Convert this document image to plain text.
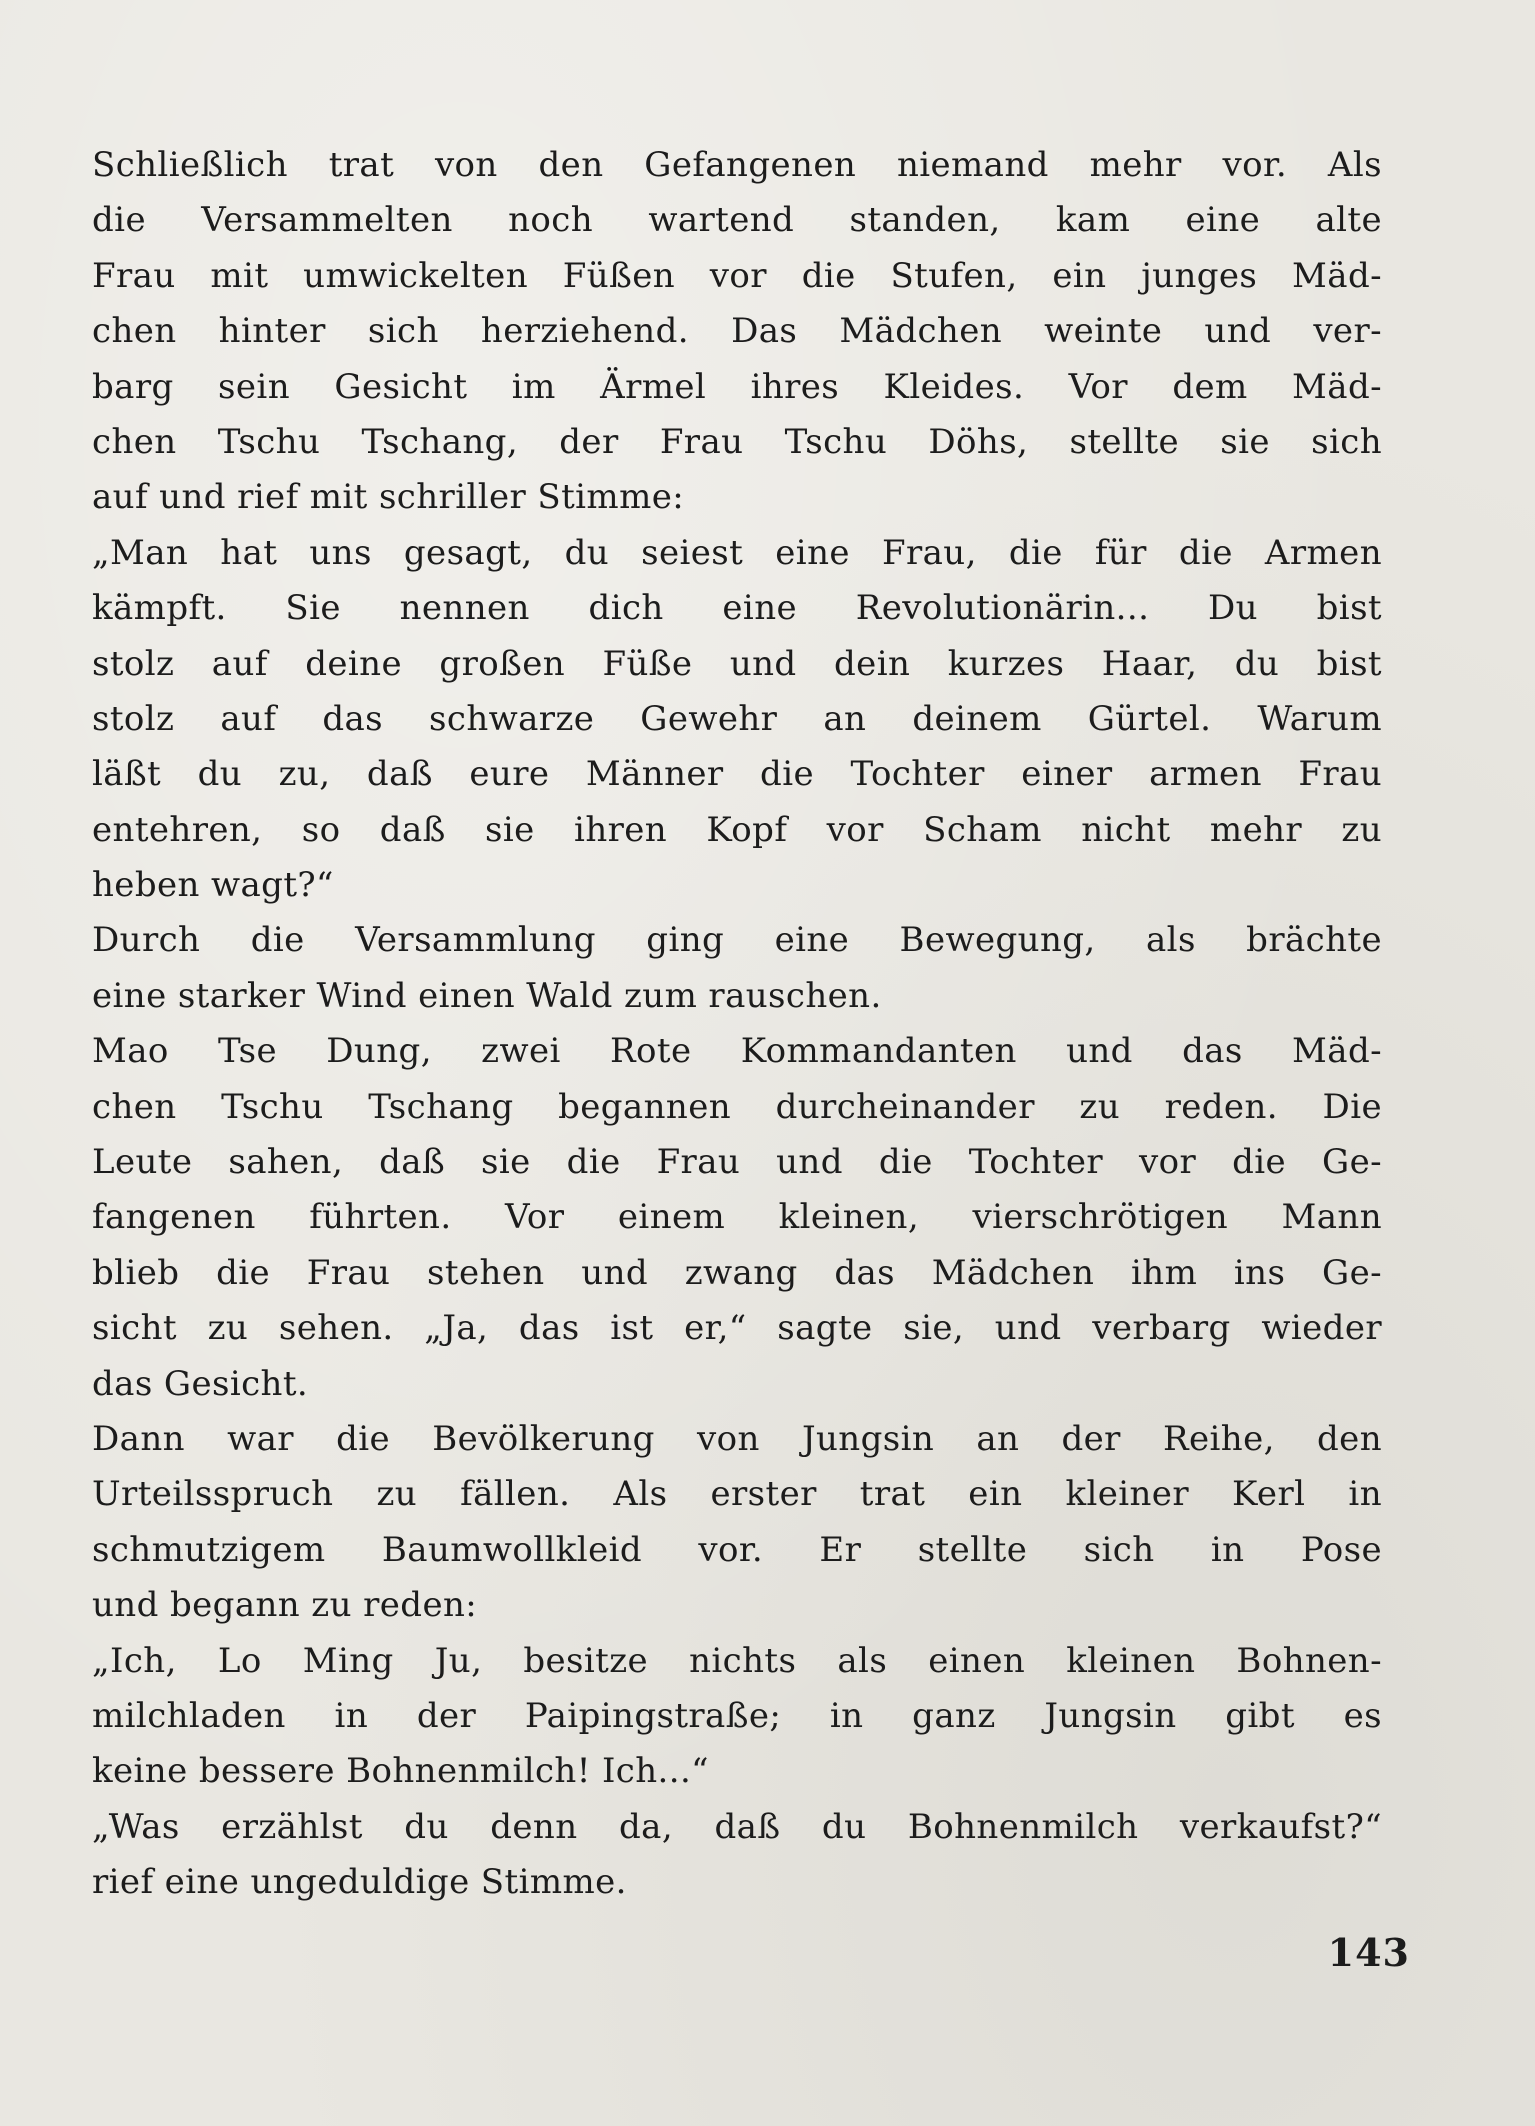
Schließlich trat von den Gefangenen niemand mehr vor. Als
die Versammelten noch wartend standen, kam eine alte
Frau mit umwickelten Füßen vor die Stufen, ein junges Mäd-
chen hinter sich herziehend. Das Mädchen weinte und ver-
barg sein Gesicht im Ärmel ihres Kleides. Vor dem Mäd-
chen Tschu Tschang, der Frau Tschu Döhs, stellte sie sich
auf und rief mit schriller Stimme:
„Man hat uns gesagt, du seiest eine Frau, die für die Armen
kämpft. Sie nennen dich eine Revolutionärin... Du bist
stolz auf deine großen Füße und dein kurzes Haar, du bist
stolz auf das schwarze Gewehr an deinem Gürtel. Warum
läßt du zu, daß eure Männer die Tochter einer armen Frau
entehren, so daß sie ihren Kopf vor Scham nicht mehr zu
heben wagt?“
Durch die Versammlung ging eine Bewegung, als brächte
eine starker Wind einen Wald zum rauschen.
Mao Tse Dung, zwei Rote Kommandanten und das Mäd-
chen Tschu Tschang begannen durcheinander zu reden. Die
Leute sahen, daß sie die Frau und die Tochter vor die Ge-
fangenen führten. Vor einem kleinen, vierschrötigen Mann
blieb die Frau stehen und zwang das Mädchen ihm ins Ge-
sicht zu sehen. „Ja, das ist er,“ sagte sie, und verbarg wieder
das Gesicht.
Dann war die Bevölkerung von Jungsin an der Reihe, den
Urteilsspruch zu fällen. Als erster trat ein kleiner Kerl in
schmutzigem Baumwollkleid vor. Er stellte sich in Pose
und begann zu reden:
„Ich, Lo Ming Ju, besitze nichts als einen kleinen Bohnen-
milchladen in der Paipingstraße; in ganz Jungsin gibt es
keine bessere Bohnenmilch! Ich...“
„Was erzählst du denn da, daß du Bohnenmilch verkaufst?“
rief eine ungeduldige Stimme.
143
